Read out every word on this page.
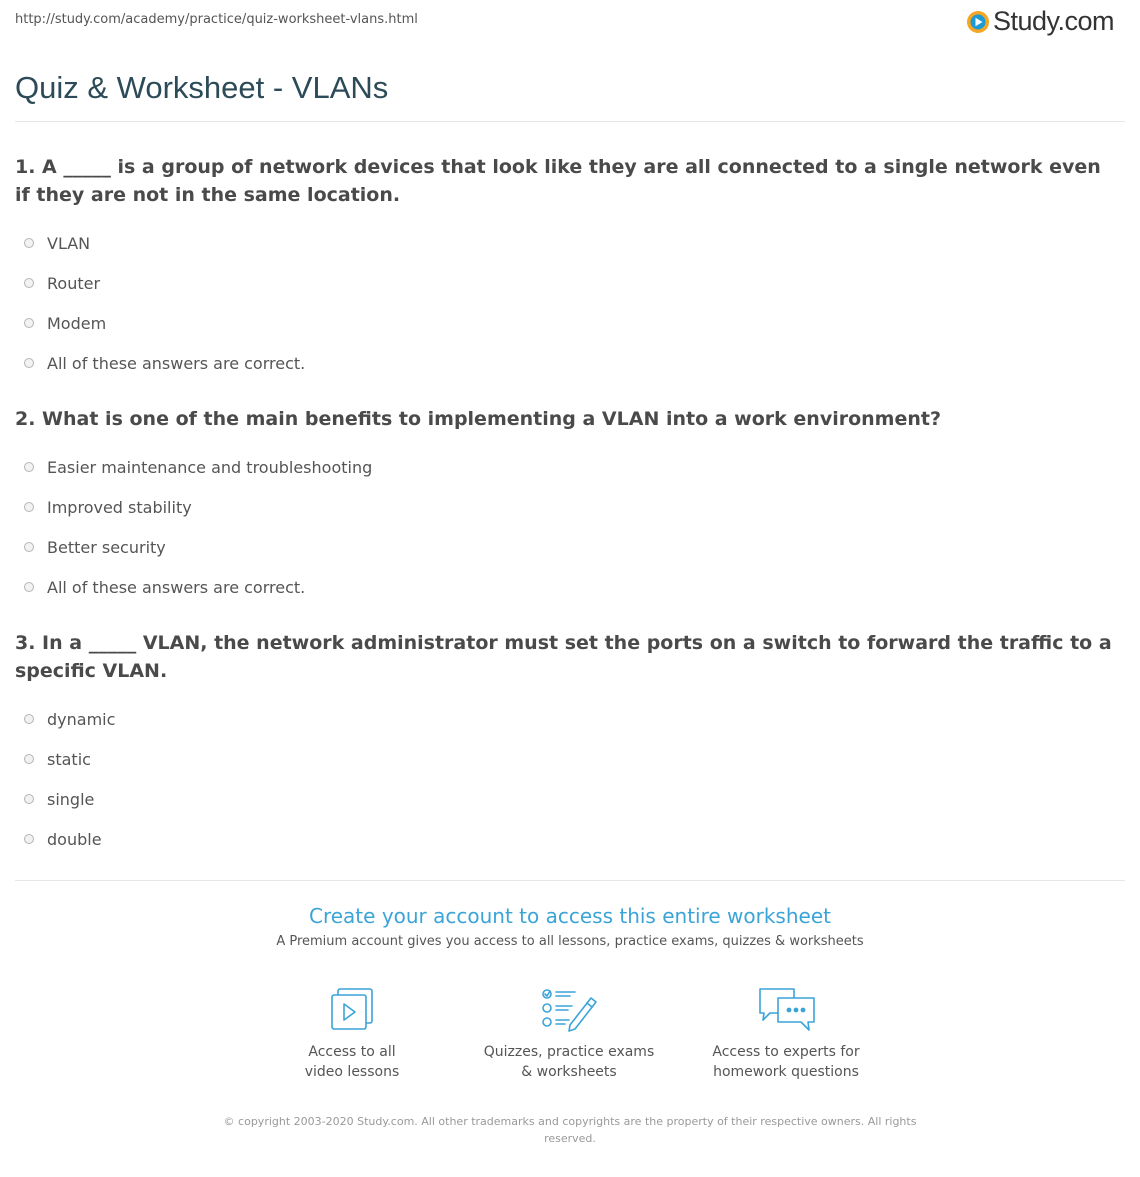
http://study.com/academy/practice/quiz-worksheet-vlans.html	Study.com
Quiz & Worksheet - VLANs

1. A _____ is a group of network devices that look like they are all connected to a single network even if they are not in the same location.

VLAN
Router
Modem
All of these answers are correct.

2. What is one of the main benefits to implementing a VLAN into a work environment?

Easier maintenance and troubleshooting
Improved stability
Better security
All of these answers are correct.

3. In a _____ VLAN, the network administrator must set the ports on a switch to forward the traffic to a specific VLAN.

dynamic
static
single
double
Create your account to access this entire worksheet
A Premium account gives you access to all lessons, practice exams, quizzes & worksheets
Access to all
video lessons
Quizzes, practice exams
& worksheets
Access to experts for
homework questions
© copyright 2003-2020 Study.com. All other trademarks and copyrights are the property of their respective owners. All rights reserved.
